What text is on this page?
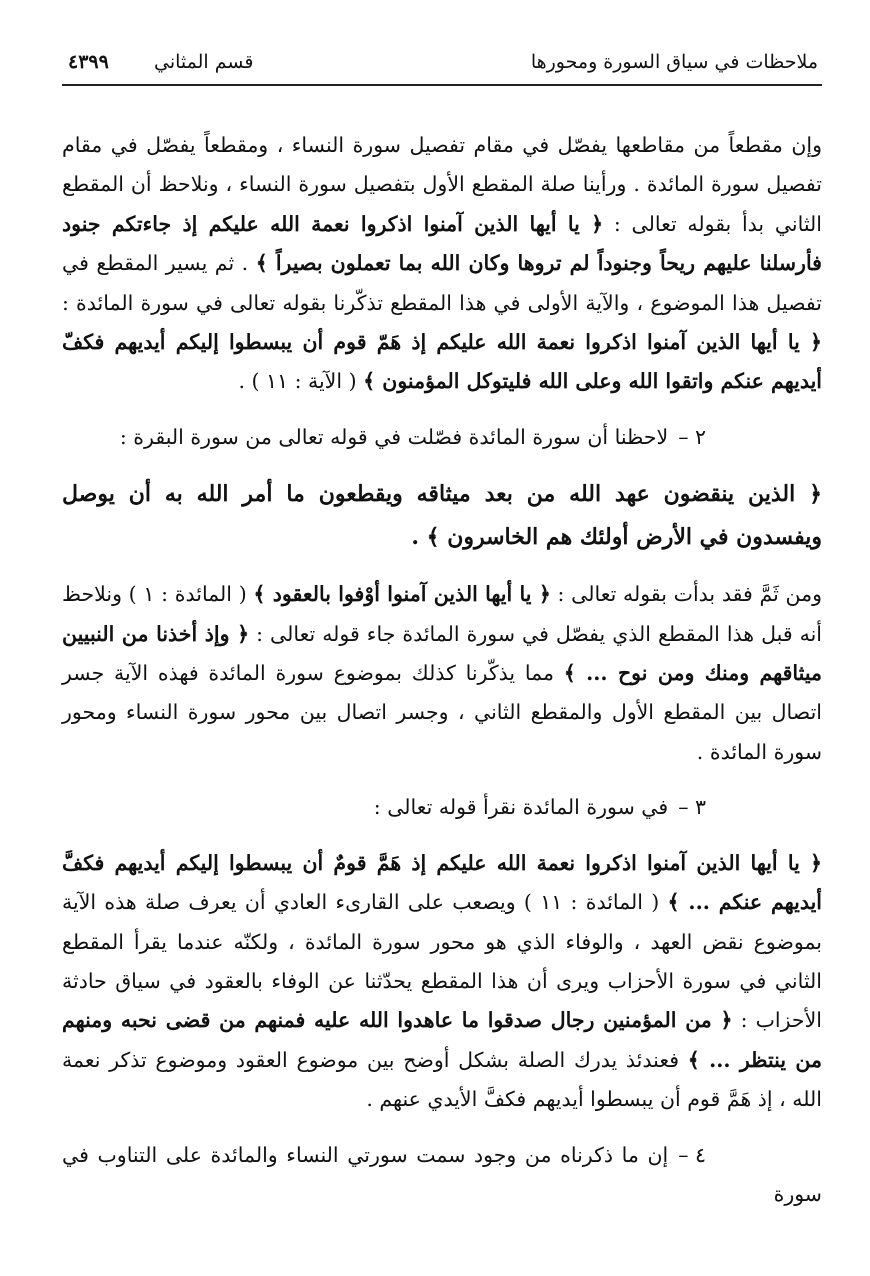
ملاحظات في سياق السورة ومحورها
قسم المثاني
٤٣٩٩

وإن مقطعاً من مقاطعها يفصّل في مقام تفصيل سورة النساء ، ومقطعاً يفصّل في مقام تفصيل سورة المائدة . ورأينا صلة المقطع الأول بتفصيل سورة النساء ، ونلاحظ أن المقطع الثاني بدأ بقوله تعالى : ﴿ يا أيها الذين آمنوا اذكروا نعمة الله عليكم إذ جاءتكم جنود فأرسلنا عليهم ريحاً وجنوداً لم تروها وكان الله بما تعملون بصيراً ﴾ . ثم يسير المقطع في تفصيل هذا الموضوع ، والآية الأولى في هذا المقطع تذكّرنا بقوله تعالى في سورة المائدة : ﴿ يا أيها الذين آمنوا اذكروا نعمة الله عليكم إذ هَمّ قوم أن يبسطوا إليكم أيديهم فكفّ أيديهم عنكم واتقوا الله وعلى الله فليتوكل المؤمنون ﴾ ( الآية : ١١ ) .

٢ –لاحظنا أن سورة المائدة فصّلت في قوله تعالى من سورة البقرة :

﴿ الذين ينقضون عهد الله من بعد ميثاقه ويقطعون ما أمر الله به أن يوصل ويفسدون في الأرض أولئك هم الخاسرون ﴾ .

ومن ثَمَّ فقد بدأت بقوله تعالى : ﴿ يا أيها الذين آمنوا أوْفوا بالعقود ﴾ ( المائدة : ١ ) ونلاحظ أنه قبل هذا المقطع الذي يفصّل في سورة المائدة جاء قوله تعالى : ﴿ وإذ أخذنا من النبيين ميثاقهم ومنك ومن نوح ... ﴾ مما يذكّرنا كذلك بموضوع سورة المائدة فهذه الآية جسر اتصال بين المقطع الأول والمقطع الثاني ، وجسر اتصال بين محور سورة النساء ومحور سورة المائدة .

٣ –في سورة المائدة نقرأ قوله تعالى :

﴿ يا أيها الذين آمنوا اذكروا نعمة الله عليكم إذ هَمَّ قومٌ أن يبسطوا إليكم أيديهم فكفَّ أيديهم عنكم ... ﴾ ( المائدة : ١١ ) ويصعب على القارىء العادي أن يعرف صلة هذه الآية بموضوع نقض العهد ، والوفاء الذي هو محور سورة المائدة ، ولكنّه عندما يقرأ المقطع الثاني في سورة الأحزاب ويرى أن هذا المقطع يحدّثنا عن الوفاء بالعقود في سياق حادثة الأحزاب : ﴿ من المؤمنين رجال صدقوا ما عاهدوا الله عليه فمنهم من قضى نحبه ومنهم من ينتظر ... ﴾ فعندئذ يدرك الصلة بشكل أوضح بين موضوع العقود وموضوع تذكر نعمة الله ، إذ هَمَّ قوم أن يبسطوا أيديهم فكفَّ الأيدي عنهم .

٤ –إن ما ذكرناه من وجود سمت سورتي النساء والمائدة على التناوب في سورة
